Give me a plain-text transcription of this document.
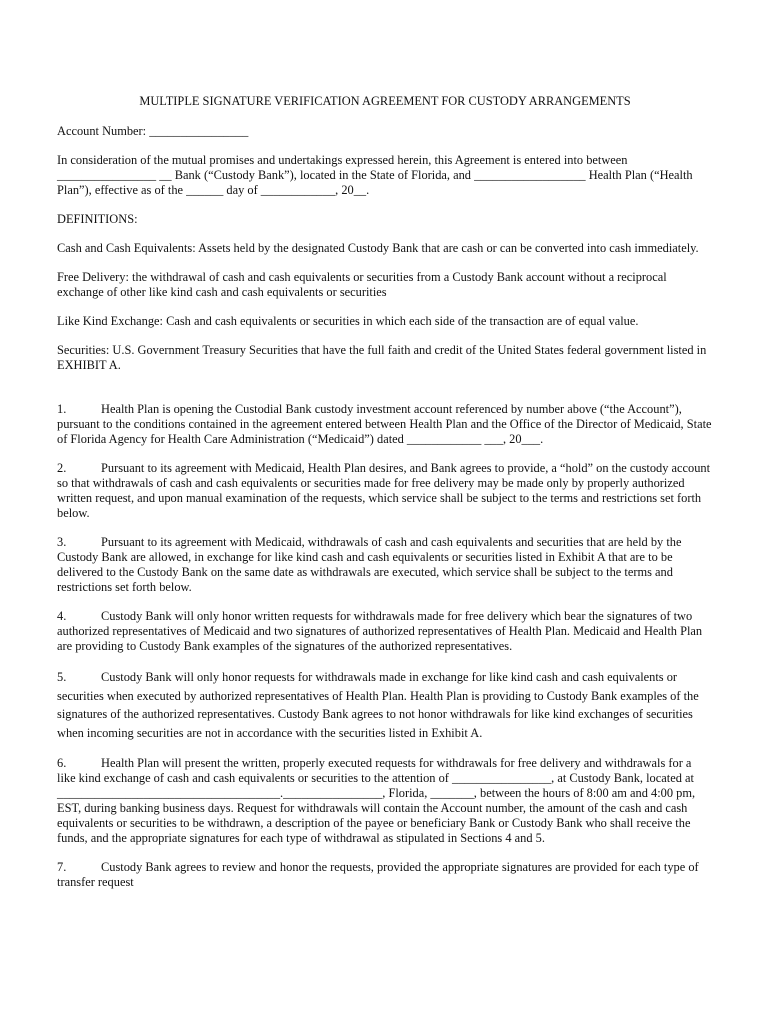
MULTIPLE SIGNATURE VERIFICATION AGREEMENT FOR CUSTODY ARRANGEMENTS
Account Number: ________________
In consideration of the mutual promises and undertakings expressed herein, this Agreement is entered into between ________________ __ Bank (“Custody Bank”), located in the State of Florida, and __________________ Health Plan (“Health Plan”), effective as of the ______ day of ____________, 20__.
DEFINITIONS:
Cash and Cash Equivalents: Assets held by the designated Custody Bank that are cash or can be converted into cash immediately.
Free Delivery: the withdrawal of cash and cash equivalents or securities from a Custody Bank account without a reciprocal exchange of other like kind cash and cash equivalents or securities
Like Kind Exchange: Cash and cash equivalents or securities in which each side of the transaction are of equal value.
Securities: U.S. Government Treasury Securities that have the full faith and credit of the United States federal government listed in EXHIBIT A.
1.	Health Plan is opening the Custodial Bank custody investment account referenced by number above (“the Account”), pursuant to the conditions contained in the agreement entered between Health Plan and the Office of the Director of Medicaid, State of Florida Agency for Health Care Administration (“Medicaid”) dated ____________ ___, 20___.
2.	Pursuant to its agreement with Medicaid, Health Plan desires, and Bank agrees to provide, a “hold” on the custody account so that withdrawals of cash and cash equivalents or securities made for free delivery may be made only by properly authorized written request, and upon manual examination of the requests, which service shall be subject to the terms and restrictions set forth below.
3.	Pursuant to its agreement with Medicaid, withdrawals of cash and cash equivalents and securities that are held by the Custody Bank are allowed, in exchange for like kind cash and cash equivalents or securities listed in Exhibit A that are to be delivered to the Custody Bank on the same date as withdrawals are executed, which service shall be subject to the terms and restrictions set forth below.
4.	Custody Bank will only honor written requests for withdrawals made for free delivery which bear the signatures of two authorized representatives of Medicaid and two signatures of authorized representatives of Health Plan. Medicaid and Health Plan are providing to Custody Bank examples of the signatures of the authorized representatives.
5.	Custody Bank will only honor requests for withdrawals made in exchange for like kind cash and cash equivalents or securities when executed by authorized representatives of Health Plan. Health Plan is providing to Custody Bank examples of the signatures of the authorized representatives. Custody Bank agrees to not honor withdrawals for like kind exchanges of securities when incoming securities are not in accordance with the securities listed in Exhibit A.
6.	Health Plan will present the written, properly executed requests for withdrawals for free delivery and withdrawals for a like kind exchange of cash and cash equivalents or securities to the attention of ________________, at Custody Bank, located at ____________________________________.________________, Florida, _______, between the hours of 8:00 am and 4:00 pm, EST, during banking business days. Request for withdrawals will contain the Account number, the amount of the cash and cash equivalents or securities to be withdrawn, a description of the payee or beneficiary Bank or Custody Bank who shall receive the funds, and the appropriate signatures for each type of withdrawal as stipulated in Sections 4 and 5.
7.	Custody Bank agrees to review and honor the requests, provided the appropriate signatures are provided for each type of transfer request
